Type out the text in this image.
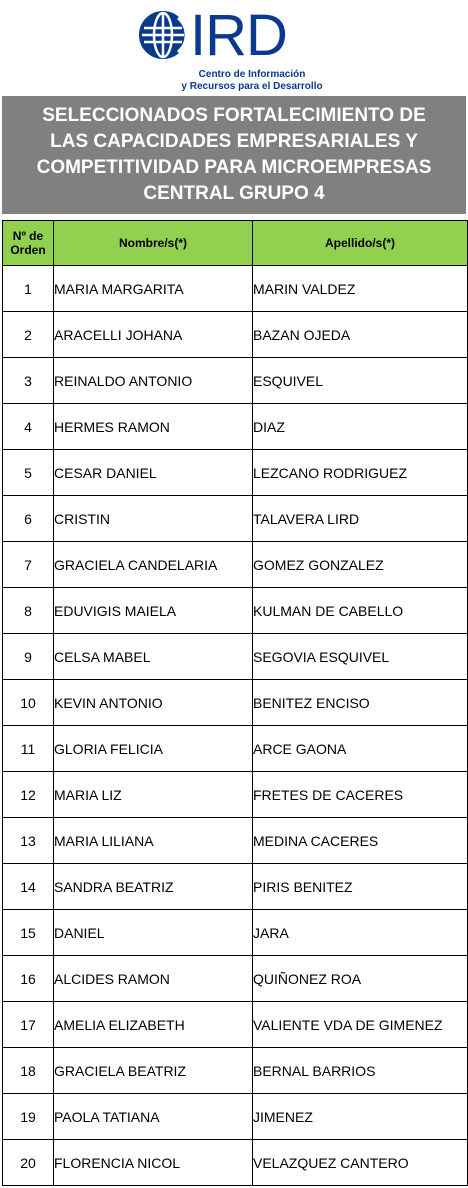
IRD
Centro de Información
y Recursos para el Desarrollo
SELECCIONADOS FORTALECIMIENTO DE
LAS CAPACIDADES EMPRESARIALES Y
COMPETITIVIDAD PARA MICROEMPRESAS
CENTRAL GRUPO 4
Nº de
Orden	Nombre/s(*)	Apellido/s(*)
1	MARIA MARGARITA	MARIN VALDEZ
2	ARACELLI JOHANA	BAZAN OJEDA
3	REINALDO ANTONIO	ESQUIVEL
4	HERMES RAMON	DIAZ
5	CESAR DANIEL	LEZCANO RODRIGUEZ
6	CRISTIN	TALAVERA LIRD
7	GRACIELA CANDELARIA	GOMEZ GONZALEZ
8	EDUVIGIS MAIELA	KULMAN DE CABELLO
9	CELSA MABEL	SEGOVIA ESQUIVEL
10	KEVIN ANTONIO	BENITEZ ENCISO
11	GLORIA FELICIA	ARCE GAONA
12	MARIA LIZ	FRETES DE CACERES
13	MARIA LILIANA	MEDINA CACERES
14	SANDRA BEATRIZ	PIRIS BENITEZ
15	DANIEL	JARA
16	ALCIDES RAMON	QUIÑONEZ ROA
17	AMELIA ELIZABETH	VALIENTE VDA DE GIMENEZ
18	GRACIELA BEATRIZ	BERNAL BARRIOS
19	PAOLA TATIANA	JIMENEZ
20	FLORENCIA NICOL	VELAZQUEZ CANTERO
